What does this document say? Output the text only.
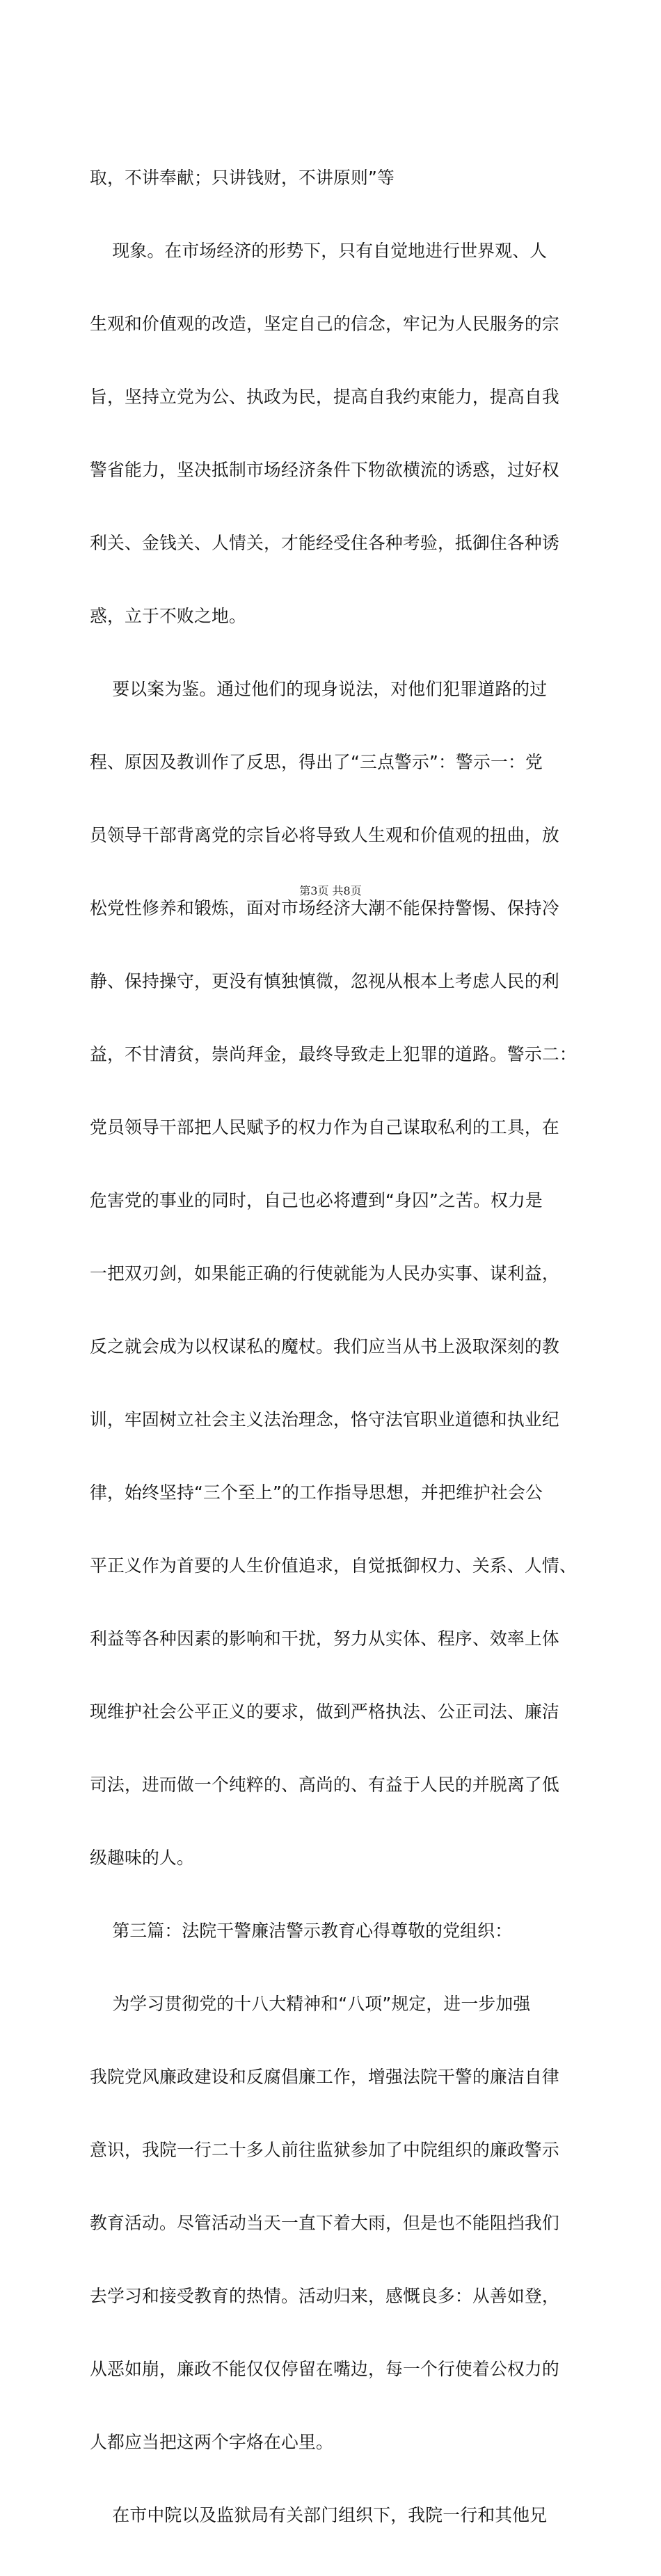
取，不讲奉献；只讲钱财，不讲原则”等

现象。在市场经济的形势下，只有自觉地进行世界观、人

生观和价值观的改造，坚定自己的信念，牢记为人民服务的宗

旨，坚持立党为公、执政为民，提高自我约束能力，提高自我

警省能力，坚决抵制市场经济条件下物欲横流的诱惑，过好权

利关、金钱关、人情关，才能经受住各种考验，抵御住各种诱

惑，立于不败之地。

要以案为鉴。通过他们的现身说法，对他们犯罪道路的过

程、原因及教训作了反思，得出了“三点警示”：警示一：党

员领导干部背离党的宗旨必将导致人生观和价值观的扭曲，放

松党性修养和锻炼，面对市场经济大潮不能保持警惕、保持冷

静、保持操守，更没有慎独慎微，忽视从根本上考虑人民的利

益，不甘清贫，崇尚拜金，最终导致走上犯罪的道路。警示二：

党员领导干部把人民赋予的权力作为自己谋取私利的工具，在

危害党的事业的同时，自己也必将遭到“身囚”之苦。权力是

一把双刃剑，如果能正确的行使就能为人民办实事、谋利益，

反之就会成为以权谋私的魔杖。我们应当从书上汲取深刻的教

训，牢固树立社会主义法治理念，恪守法官职业道德和执业纪

律，始终坚持“三个至上”的工作指导思想，并把维护社会公

平正义作为首要的人生价值追求，自觉抵御权力、关系、人情、

利益等各种因素的影响和干扰，努力从实体、程序、效率上体

现维护社会公平正义的要求，做到严格执法、公正司法、廉洁

司法，进而做一个纯粹的、高尚的、有益于人民的并脱离了低

级趣味的人。

第三篇：法院干警廉洁警示教育心得尊敬的党组织：

为学习贯彻党的十八大精神和“八项”规定，进一步加强

我院党风廉政建设和反腐倡廉工作，增强法院干警的廉洁自律

意识，我院一行二十多人前往监狱参加了中院组织的廉政警示

教育活动。尽管活动当天一直下着大雨，但是也不能阻挡我们

去学习和接受教育的热情。活动归来，感慨良多：从善如登，

从恶如崩，廉政不能仅仅停留在嘴边，每一个行使着公权力的

人都应当把这两个字烙在心里。

在市中院以及监狱局有关部门组织下，我院一行和其他兄

第3页 共8页
